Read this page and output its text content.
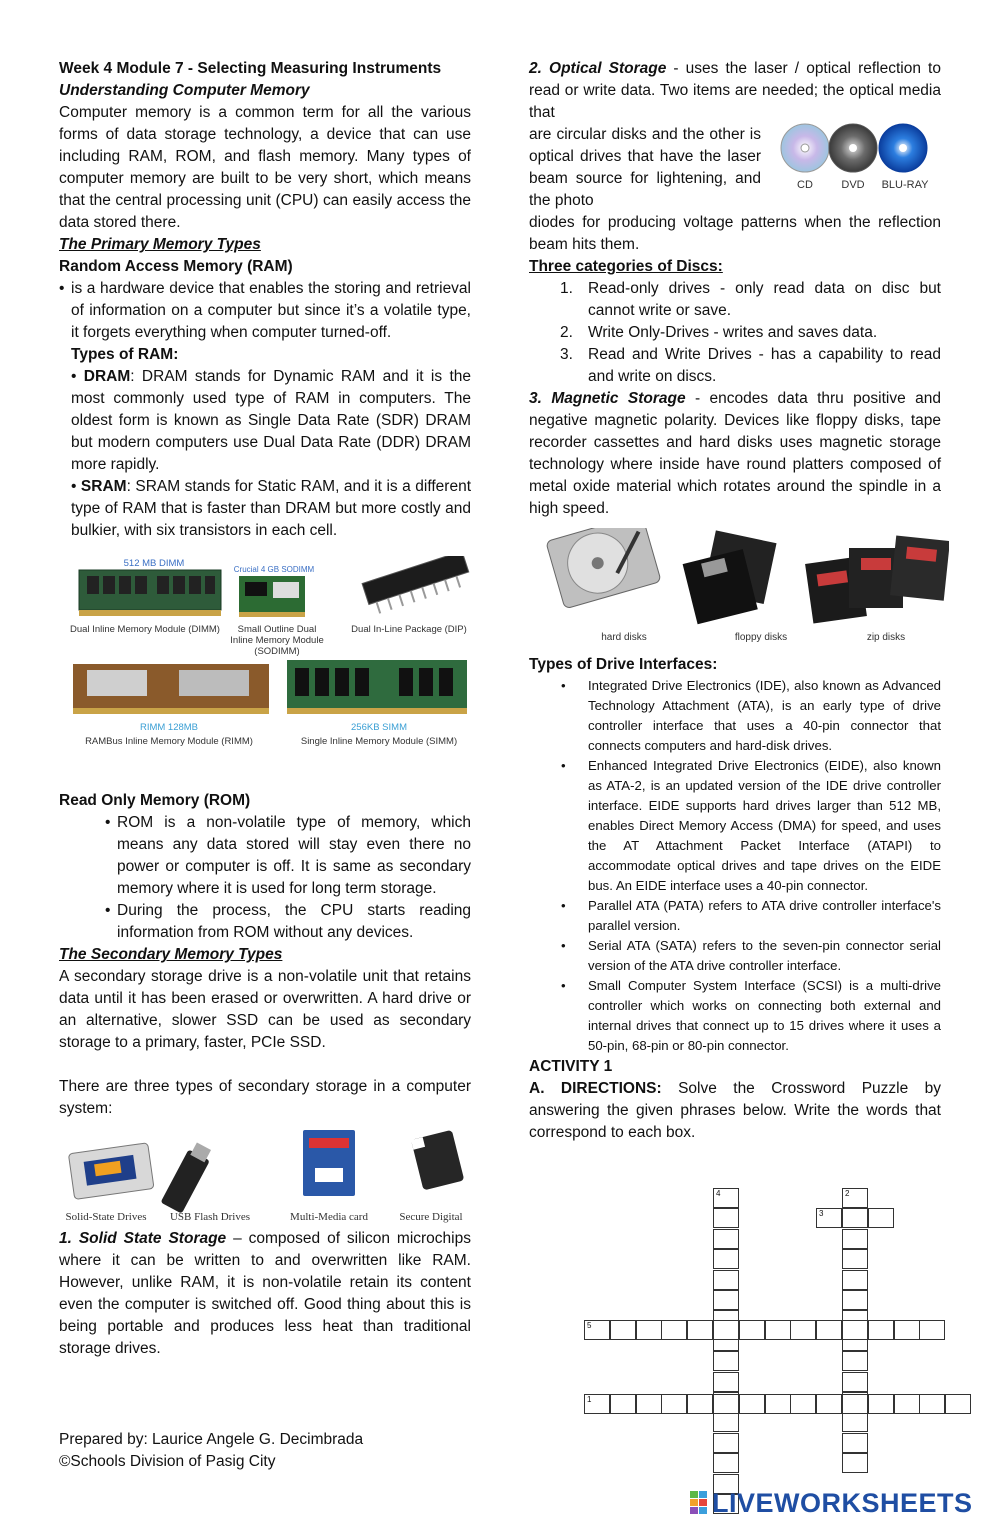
Week 4 Module 7 - Selecting Measuring Instruments

Understanding Computer Memory

Computer memory is a common term for all the various forms of data storage technology, a device that can use including RAM, ROM, and flash memory. Many types of computer memory are built to be very short, which means that the central processing unit (CPU) can easily access the data stored there.

The Primary Memory Types

Random Access Memory (RAM)

• is a hardware device that enables the storing and retrieval of information on a computer but since it’s a volatile type, it forgets everything when computer turned-off.

Types of RAM:

• DRAM: DRAM stands for Dynamic RAM and it is the most commonly used type of RAM in computers. The oldest form is known as Single Data Rate (SDR) DRAM but modern computers use Dual Data Rate (DDR) DRAM more rapidly.

• SRAM: SRAM stands for Static RAM, and it is a different type of RAM that is faster than DRAM but more costly and bulkier, with six transistors in each cell.

512 MB DIMM
Dual Inline Memory Module (DIMM)
Crucial 4 GB SODIMM
Small Outline Dual Inline Memory Module (SODIMM)
Dual In-Line Package (DIP)
RIMM 128MB
RAMBus Inline Memory Module (RIMM)
256KB SIMM
Single Inline Memory Module (SIMM)

Read Only Memory (ROM)

• ROM is a non-volatile type of memory, which means any data stored will stay even there no power or computer is off. It is same as secondary memory where it is used for long term storage.
• During the process, the CPU starts reading information from ROM without any devices.

The Secondary Memory Types

A secondary storage drive is a non-volatile unit that retains data until it has been erased or overwritten. A hard drive or an alternative, slower SSD can be used as secondary storage to a primary, faster, PCIe SSD.

There are three types of secondary storage in a computer system:

Solid-State Drives	USB Flash Drives	Multi-Media card	Secure Digital

1. Solid State Storage – composed of silicon microchips where it can be written to and overwritten like RAM. However, unlike RAM, it is non-volatile retain its content even the computer is switched off. Good thing about this is being portable and produces less heat than traditional storage drives.

2. Optical Storage - uses the laser / optical reflection to read or write data. Two items are needed; the optical media that

are circular disks and the other is optical drives that have the laser beam source for lightening, and the photo

CD	DVD	BLU-RAY

diodes for producing voltage patterns when the reflection beam hits them.

Three categories of Discs:

1. Read-only drives - only read data on disc but cannot write or save.
2. Write Only-Drives - writes and saves data.
3. Read and Write Drives - has a capability to read and write on discs.

3. Magnetic Storage - encodes data thru positive and negative magnetic polarity. Devices like floppy disks, tape recorder cassettes and hard disks uses magnetic storage technology where inside have round platters composed of metal oxide material which rotates around the spindle in a high speed.

hard disks	floppy disks	zip disks

Types of Drive Interfaces:

• Integrated Drive Electronics (IDE), also known as Advanced Technology Attachment (ATA), is an early type of drive controller interface that uses a 40-pin connector that connects computers and hard-disk drives.
• Enhanced Integrated Drive Electronics (EIDE), also known as ATA-2, is an updated version of the IDE drive controller interface. EIDE supports hard drives larger than 512 MB, enables Direct Memory Access (DMA) for speed, and uses the AT Attachment Packet Interface (ATAPI) to accommodate optical drives and tape drives on the EIDE bus. An EIDE interface uses a 40-pin connector.
• Parallel ATA (PATA) refers to ATA drive controller interface's parallel version.
• Serial ATA (SATA) refers to the seven-pin connector serial version of the ATA drive controller interface.
• Small Computer System Interface (SCSI) is a multi-drive controller which works on connecting both external and internal drives that connect up to 15 drives where it uses a 50-pin, 68-pin or 80-pin connector.

ACTIVITY 1

A. DIRECTIONS: Solve the Crossword Puzzle by answering the given phrases below. Write the words that correspond to each box.

4	2
3
5
1
Prepared by: Laurice Angele G. Decimbrada
©Schools Division of Pasig City
LIVEWORKSHEETS
